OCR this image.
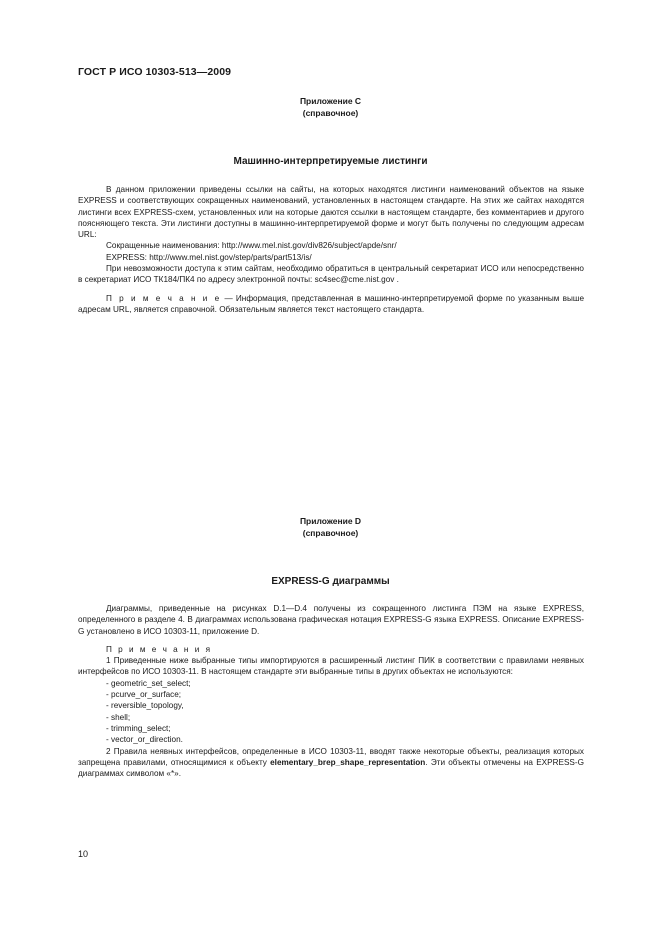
ГОСТ Р ИСО 10303-513—2009
Приложение C
(справочное)
Машинно-интерпретируемые листинги

В данном приложении приведены ссылки на сайты, на которых находятся листинги наименований объектов на языке EXPRESS и соответствующих сокращенных наименований, установленных в настоящем стандарте. На этих же сайтах находятся листинги всех EXPRESS-схем, установленных или на которые даются ссылки в настоящем стандарте, без комментариев и другого поясняющего текста. Эти листинги доступны в машинно-интерпретируемой форме и могут быть получены по следующим адресам URL:

Сокращенные наименования: http://www.mel.nist.gov/div826/subject/apde/snr/

EXPRESS: http://www.mel.nist.gov/step/parts/part513/is/

При невозможности доступа к этим сайтам, необходимо обратиться в центральный секретариат ИСО или непосредственно в секретариат ИСО ТК184/ПК4 по адресу электронной почты: sc4sec@cme.nist.gov .

П р и м е ч а н и е — Информация, представленная в машинно-интерпретируемой форме по указанным выше адресам URL, является справочной. Обязательным является текст настоящего стандарта.

Приложение D
(справочное)
EXPRESS-G диаграммы

Диаграммы, приведенные на рисунках D.1—D.4 получены из сокращенного листинга ПЭМ на языке EXPRESS, определенного в разделе 4. В диаграммах использована графическая нотация EXPRESS-G языка EXPRESS. Описание EXPRESS-G установлено в ИСО 10303-11, приложение D.

П р и м е ч а н и я

1 Приведенные ниже выбранные типы импортируются в расширенный листинг ПИК в соответствии с правилами неявных интерфейсов по ИСО 10303-11. В настоящем стандарте эти выбранные типы в других объектах не используются:

- geometric_set_select;

- pcurve_or_surface;

- reversible_topology,

- shell;

- trimming_select;

- vector_or_direction.

2 Правила неявных интерфейсов, определенные в ИСО 10303-11, вводят также некоторые объекты, реализация которых запрещена правилами, относящимися к объекту elementary_brep_shape_representation. Эти объекты отмечены на EXPRESS-G диаграммах символом «*».

10
